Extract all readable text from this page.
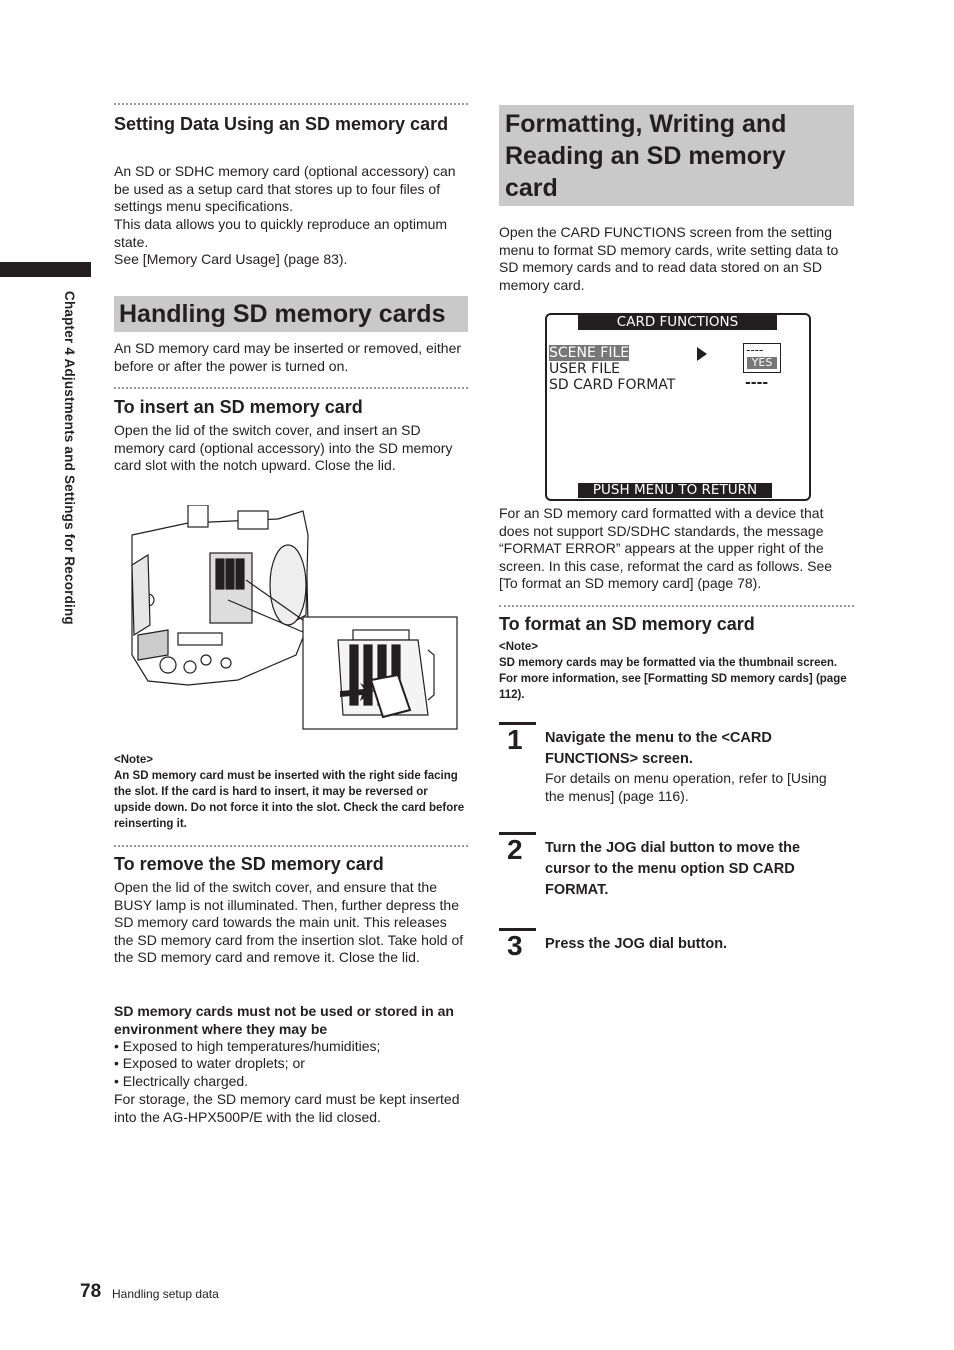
Chapter 4 Adjustments and Settings for Recording
Setting Data Using an SD memory card
An SD or SDHC memory card (optional accessory) can be used as a setup card that stores up to four files of settings menu specifications.
This data allows you to quickly reproduce an optimum state.
See [Memory Card Usage] (page 83).
Handling SD memory cards
An SD memory card may be inserted or removed, either before or after the power is turned on.
To insert an SD memory card
Open the lid of the switch cover, and insert an SD memory card (optional accessory) into the SD memory card slot with the notch upward. Close the lid.
<Note>
An SD memory card must be inserted with the right side facing the slot. If the card is hard to insert, it may be reversed or upside down. Do not force it into the slot. Check the card before reinserting it.
To remove the SD memory card
Open the lid of the switch cover, and ensure that the BUSY lamp is not illuminated. Then, further depress the SD memory card towards the main unit. This releases the SD memory card from the insertion slot. Take hold of the SD memory card and remove it. Close the lid.
SD memory cards must not be used or stored in an environment where they may be
• Exposed to high temperatures/humidities;
• Exposed to water droplets; or
• Electrically charged.
For storage, the SD memory card must be kept inserted into the AG-HPX500P/E with the lid closed.
Formatting, Writing and Reading an SD memory card
Open the CARD FUNCTIONS screen from the setting menu to format SD memory cards, write setting data to SD memory cards and to read data stored on an SD memory card.
CARD FUNCTIONS
SCENE FILE
USER FILE
SD CARD FORMAT
----
YES
----
PUSH MENU TO RETURN
For an SD memory card formatted with a device that does not support SD/SDHC standards, the message “FORMAT ERROR” appears at the upper right of the screen. In this case, reformat the card as follows. See [To format an SD memory card] (page 78).
To format an SD memory card
<Note>
SD memory cards may be formatted via the thumbnail screen. For more information, see [Formatting SD memory cards] (page 112).
1 Navigate the menu to the <CARD FUNCTIONS> screen.
For details on menu operation, refer to [Using the menus] (page 116).
2 Turn the JOG dial button to move the cursor to the menu option SD CARD FORMAT.
3 Press the JOG dial button.
78 Handling setup data
